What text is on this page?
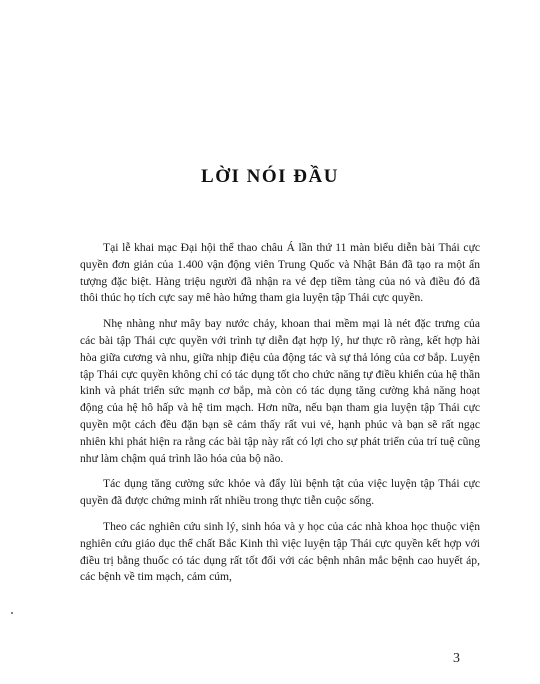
LỜI NÓI ĐẦU

Tại lễ khai mạc Đại hội thể thao châu Á lần thứ 11 màn biểu diễn bài Thái cực quyền đơn giản của 1.400 vận động viên Trung Quốc và Nhật Bản đã tạo ra một ấn tượng đặc biệt. Hàng triệu người đã nhận ra vẻ đẹp tiềm tàng của nó và điều đó đã thôi thúc họ tích cực say mê hào hứng tham gia luyện tập Thái cực quyền.

Nhẹ nhàng như mây bay nước chảy, khoan thai mềm mại là nét đặc trưng của các bài tập Thái cực quyền với trình tự diễn đạt hợp lý, hư thực rõ ràng, kết hợp hài hòa giữa cương và nhu, giữa nhịp điệu của động tác và sự thả lỏng của cơ bắp. Luyện tập Thái cực quyền không chỉ có tác dụng tốt cho chức năng tự điều khiển của hệ thần kinh và phát triển sức mạnh cơ bắp, mà còn có tác dụng tăng cường khả năng hoạt động của hệ hô hấp và hệ tim mạch. Hơn nữa, nếu bạn tham gia luyện tập Thái cực quyền một cách đều đặn bạn sẽ cảm thấy rất vui vẻ, hạnh phúc và bạn sẽ rất ngạc nhiên khi phát hiện ra rằng các bài tập này rất có lợi cho sự phát triển của trí tuệ cũng như làm chậm quá trình lão hóa của bộ não.

Tác dụng tăng cường sức khỏe và đẩy lùi bệnh tật của việc luyện tập Thái cực quyền đã được chứng minh rất nhiều trong thực tiễn cuộc sống.

Theo các nghiên cứu sinh lý, sinh hóa và y học của các nhà khoa học thuộc viện nghiên cứu giáo dục thể chất Bắc Kinh thì việc luyện tập Thái cực quyền kết hợp với điều trị bằng thuốc có tác dụng rất tốt đối với các bệnh nhân mắc bệnh cao huyết áp, các bệnh về tim mạch, cảm cúm,

3
